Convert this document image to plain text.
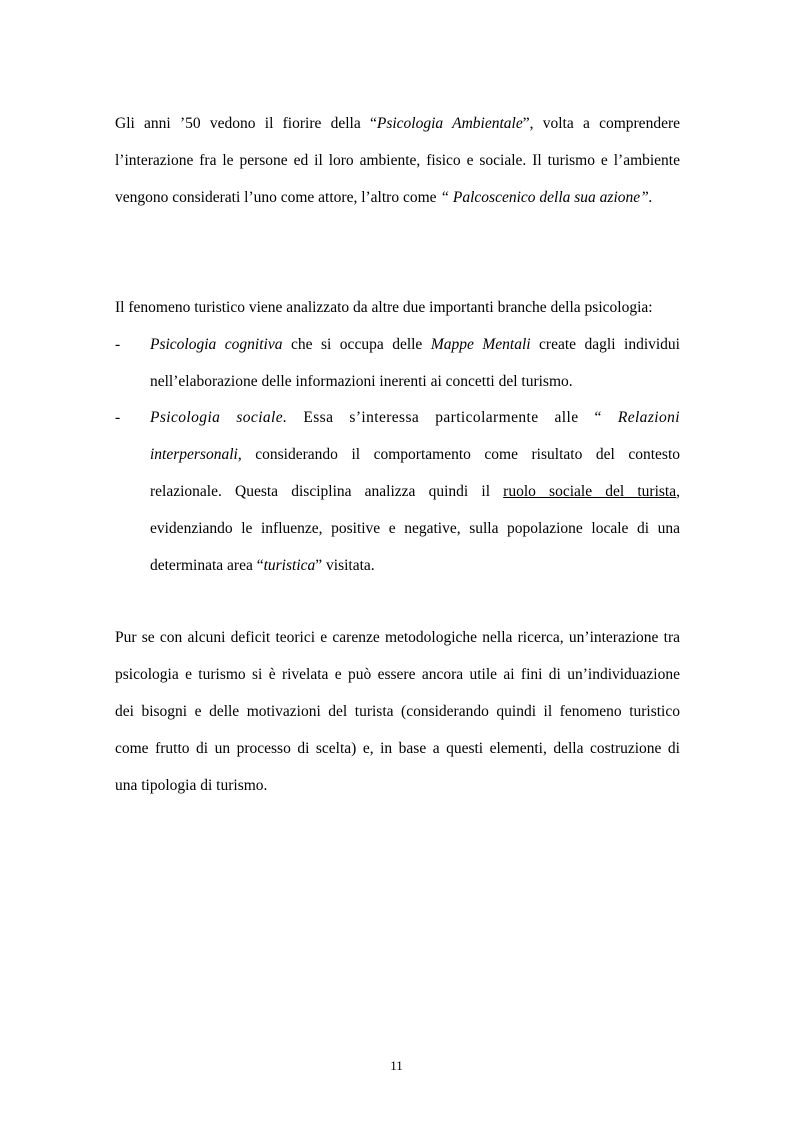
Gli anni ’50 vedono il fiorire della “Psicologia Ambientale”, volta a comprendere
l’interazione fra le persone ed il loro ambiente, fisico e sociale. Il turismo e l’ambiente
vengono considerati l’uno come attore, l’altro come “ Palcoscenico della sua azione”.
Il fenomeno turistico viene analizzato da altre due importanti branche della psicologia:
- Psicologia cognitiva che si occupa delle Mappe Mentali create dagli individui
nell’elaborazione delle informazioni inerenti ai concetti del turismo.
- Psicologia sociale. Essa s’interessa particolarmente alle “ Relazioni
interpersonali, considerando il comportamento come risultato del contesto
relazionale. Questa disciplina analizza quindi il ruolo sociale del turista,
evidenziando le influenze, positive e negative, sulla popolazione locale di una
determinata area “turistica” visitata.
Pur se con alcuni deficit teorici e carenze metodologiche nella ricerca, un’interazione tra
psicologia e turismo si è rivelata e può essere ancora utile ai fini di un’individuazione
dei bisogni e delle motivazioni del turista (considerando quindi il fenomeno turistico
come frutto di un processo di scelta) e, in base a questi elementi, della costruzione di
una tipologia di turismo.
11
